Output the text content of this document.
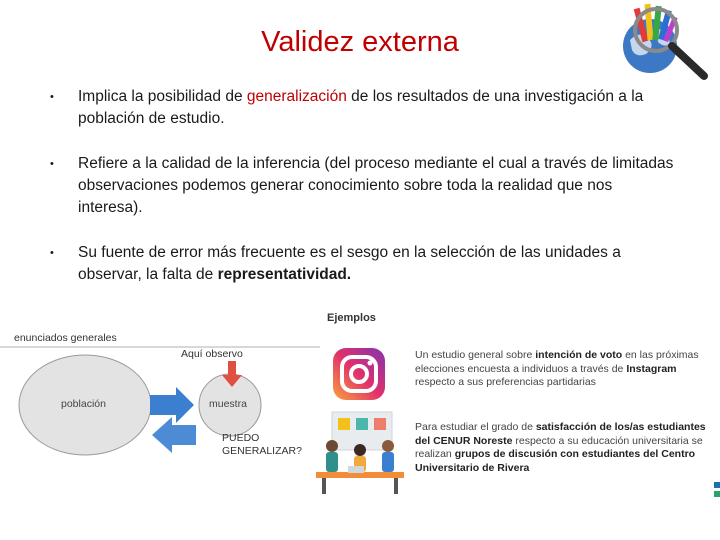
Validez externa
• Implica la posibilidad de generalización de los resultados de una investigación a la población de estudio.
• Refiere a la calidad de la inferencia (del proceso mediante el cual a través de limitadas observaciones podemos generar conocimiento sobre toda la realidad que nos interesa).
• Su fuente de error más frecuente es el sesgo en la selección de las unidades a observar, la falta de representatividad.
enunciados generales
Aquí observo
población	muestra
PUEDO GENERALIZAR?
Ejemplos
Un estudio general sobre intención de voto en las próximas elecciones encuesta a individuos a través de Instagram respecto a sus preferencias partidarias
Para estudiar el grado de satisfacción de los/as estudiantes del CENUR Noreste respecto a su educación universitaria se realizan grupos de discusión con estudiantes del Centro Universitario de Rivera
